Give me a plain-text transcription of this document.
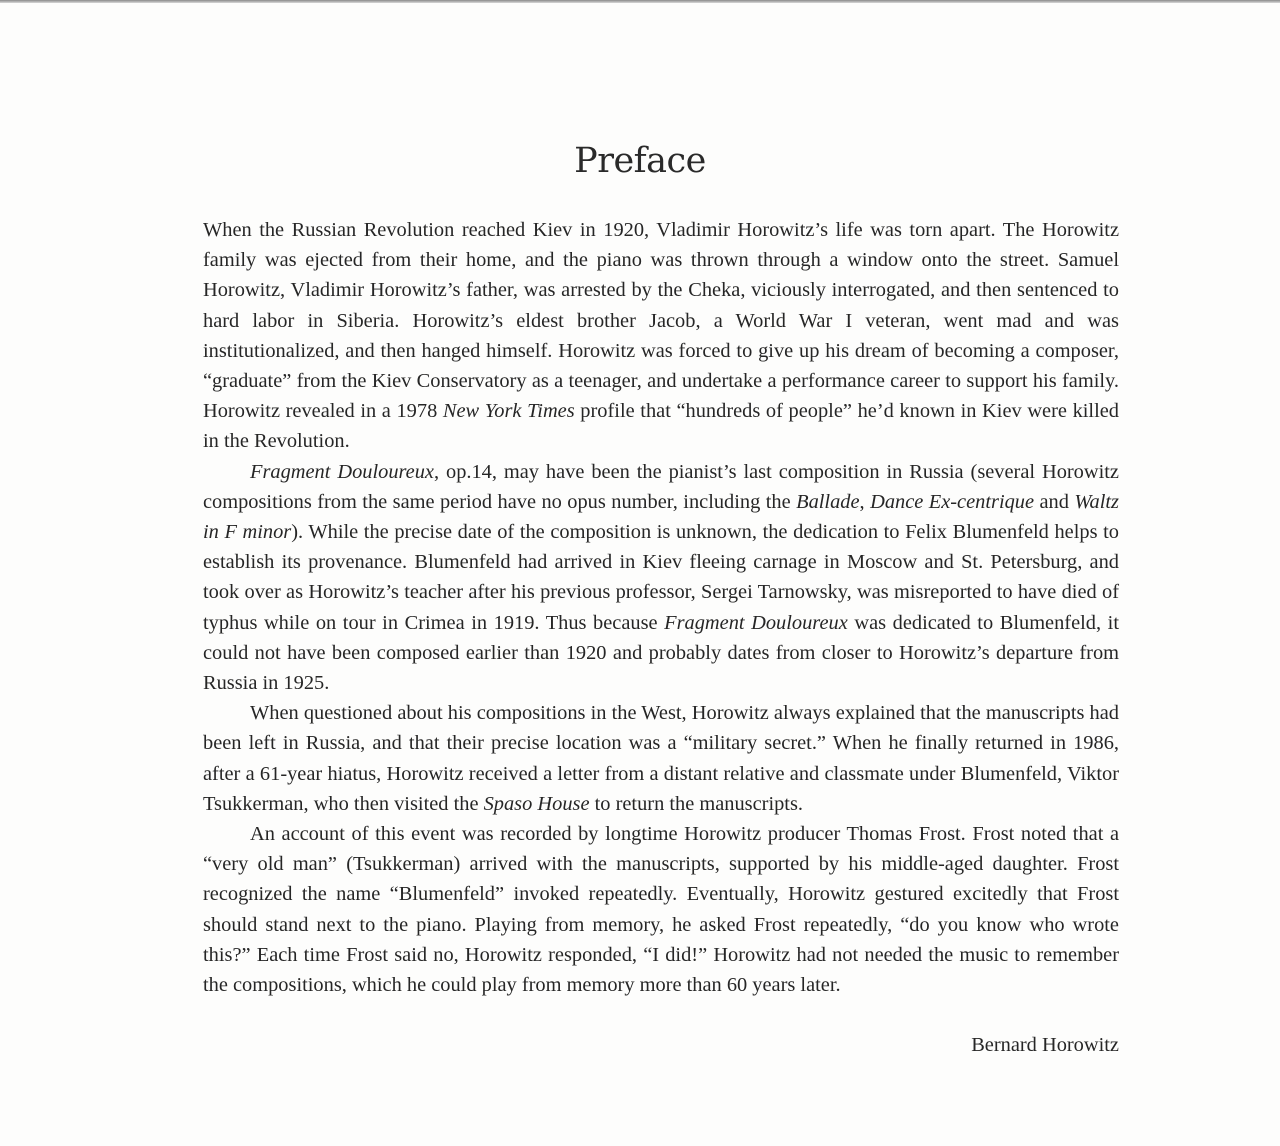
Preface

When the Russian Revolution reached Kiev in 1920, Vladimir Horowitz’s life was torn apart. The Horowitz family was ejected from their home, and the piano was thrown through a window onto the street. Samuel Horowitz, Vladimir Horowitz’s father, was arrested by the Cheka, viciously interrogated, and then sentenced to hard labor in Siberia. Horowitz’s eldest brother Jacob, a World War I veteran, went mad and was institutionalized, and then hanged himself. Horowitz was forced to give up his dream of becoming a composer, “graduate” from the Kiev Conservatory as a teenager, and undertake a performance career to support his family. Horowitz revealed in a 1978 New York Times profile that “hundreds of people” he’d known in Kiev were killed in the Revolution.

Fragment Douloureux, op.14, may have been the pianist’s last composition in Russia (several Horowitz compositions from the same period have no opus number, including the Ballade, Dance Ex-centrique and Waltz in F minor). While the precise date of the composition is unknown, the dedication to Felix Blumenfeld helps to establish its provenance. Blumenfeld had arrived in Kiev fleeing carnage in Moscow and St. Petersburg, and took over as Horowitz’s teacher after his previous professor, Sergei Tarnowsky, was misreported to have died of typhus while on tour in Crimea in 1919. Thus because Fragment Douloureux was dedicated to Blumenfeld, it could not have been composed earlier than 1920 and probably dates from closer to Horowitz’s departure from Russia in 1925.

When questioned about his compositions in the West, Horowitz always explained that the manuscripts had been left in Russia, and that their precise location was a “military secret.” When he finally returned in 1986, after a 61-year hiatus, Horowitz received a letter from a distant relative and classmate under Blumenfeld, Viktor Tsukkerman, who then visited the Spaso House to return the manuscripts.

An account of this event was recorded by longtime Horowitz producer Thomas Frost. Frost noted that a “very old man” (Tsukkerman) arrived with the manuscripts, supported by his middle-aged daughter. Frost recognized the name “Blumenfeld” invoked repeatedly. Eventually, Horowitz gestured excitedly that Frost should stand next to the piano. Playing from memory, he asked Frost repeatedly, “do you know who wrote this?” Each time Frost said no, Horowitz responded, “I did!” Horowitz had not needed the music to remember the compositions, which he could play from memory more than 60 years later.

Bernard Horowitz
